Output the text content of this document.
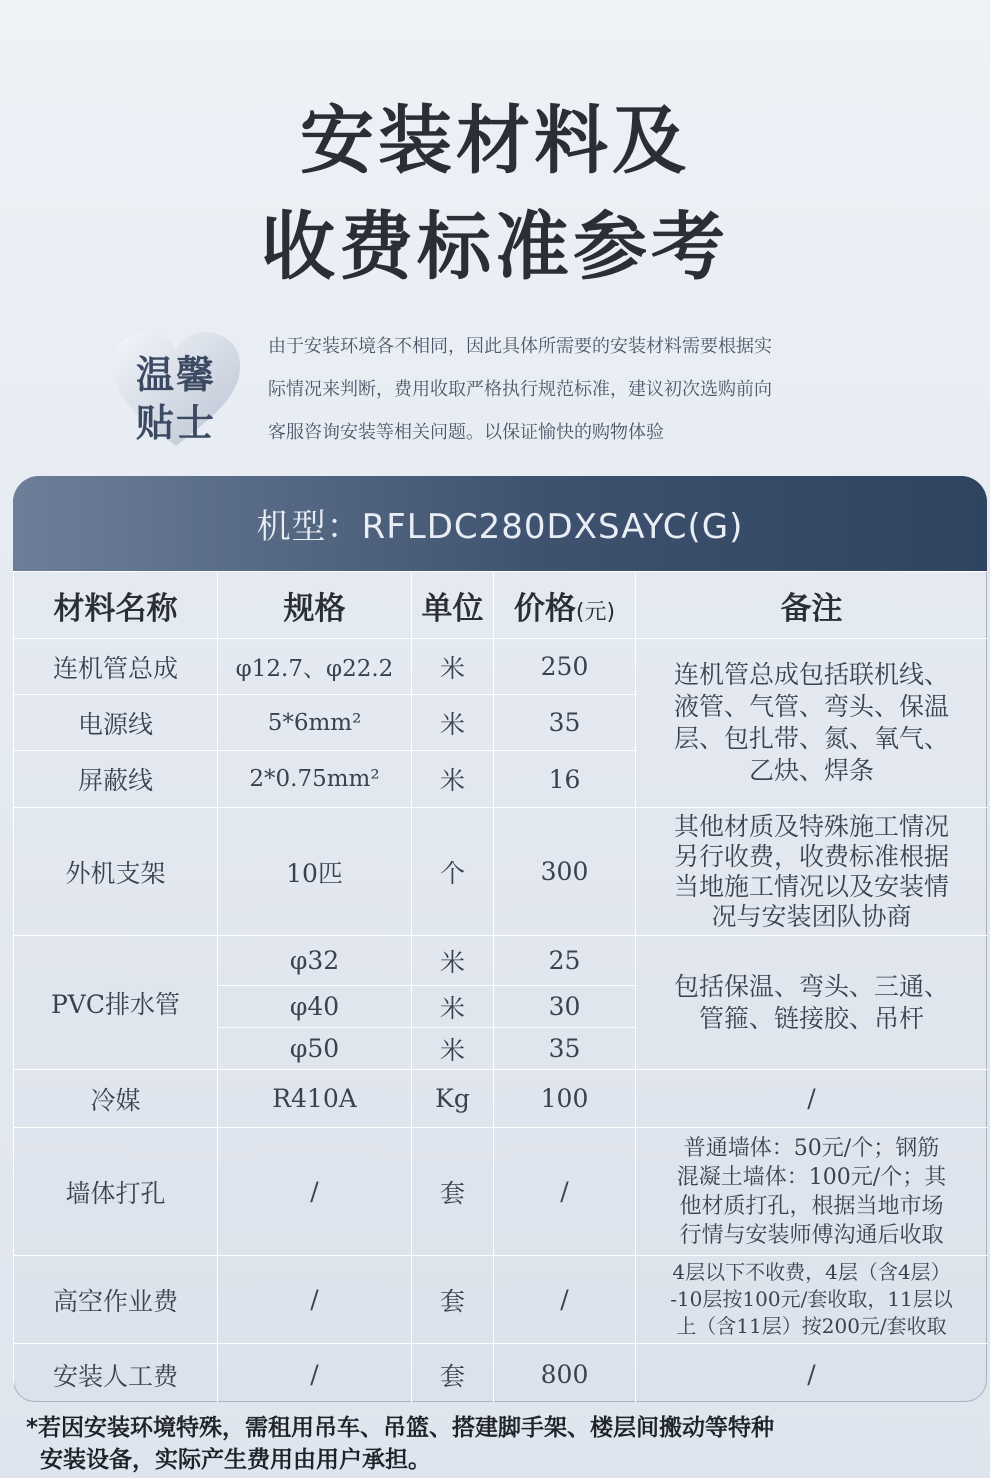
安装材料及
收费标准参考
温馨
贴士
由于安装环境各不相同，因此具体所需要的安装材料需要根据实
际情况来判断，费用收取严格执行规范标准，建议初次选购前向
客服咨询安装等相关问题。以保证愉快的购物体验
机型：RFLDC280DXSAYC(G)
材料名称	规格	单位	价格(元)	备注
连机管总成	φ12.7、φ22.2	米	250	连机管总成包括联机线、
液管、气管、弯头、保温
层、包扎带、氮、氧气、
乙炔、焊条

电源线	5*6mm²	米	35	
屏蔽线	2*0.75mm²	米	16	
外机支架	10匹	个	300	其他材质及特殊施工情况
另行收费，收费标准根据
当地施工情况以及安装情
况与安装团队协商

PVC排水管	φ32	米	25	包括保温、弯头、三通、
管箍、链接胶、吊杆

	φ40	米	30	
	φ50	米	35	
冷媒	R410A	Kg	100	/
墙体打孔	/	套	/	普通墙体：50元/个；钢筋
混凝土墙体：100元/个；其
他材质打孔，根据当地市场
行情与安装师傅沟通后收取

高空作业费	/	套	/	4层以下不收费，4层（含4层）
-10层按100元/套收取，11层以
上（含11层）按200元/套收取

安装人工费	/	套	800	/
*若因安装环境特殊，需租用吊车、吊篮、搭建脚手架、楼层间搬动等特种
安装设备，实际产生费用由用户承担。
